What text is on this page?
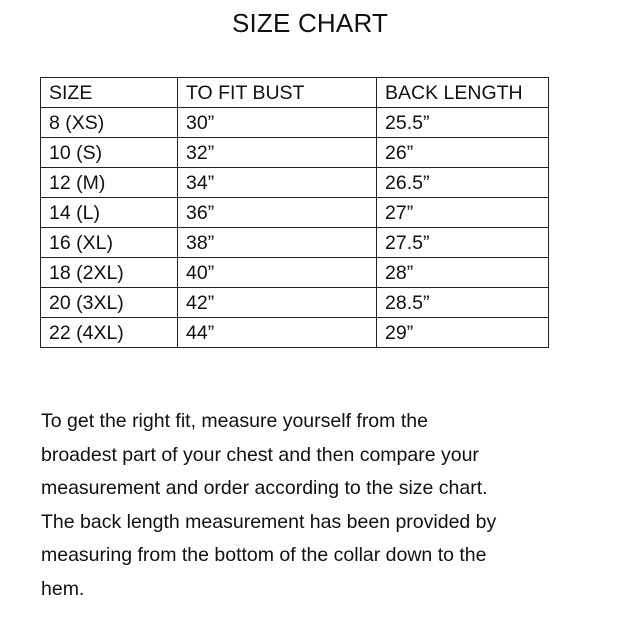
SIZE CHART
SIZE	TO FIT BUST	BACK LENGTH
8 (XS)	30”	25.5”
10 (S)	32”	26”
12 (M)	34”	26.5”
14 (L)	36”	27”
16 (XL)	38”	27.5”
18 (2XL)	40”	28”
20 (3XL)	42”	28.5”
22 (4XL)	44”	29”

To get the right fit, measure yourself from the
broadest part of your chest and then compare your
measurement and order according to the size chart.
The back length measurement has been provided by
measuring from the bottom of the collar down to the
hem.
